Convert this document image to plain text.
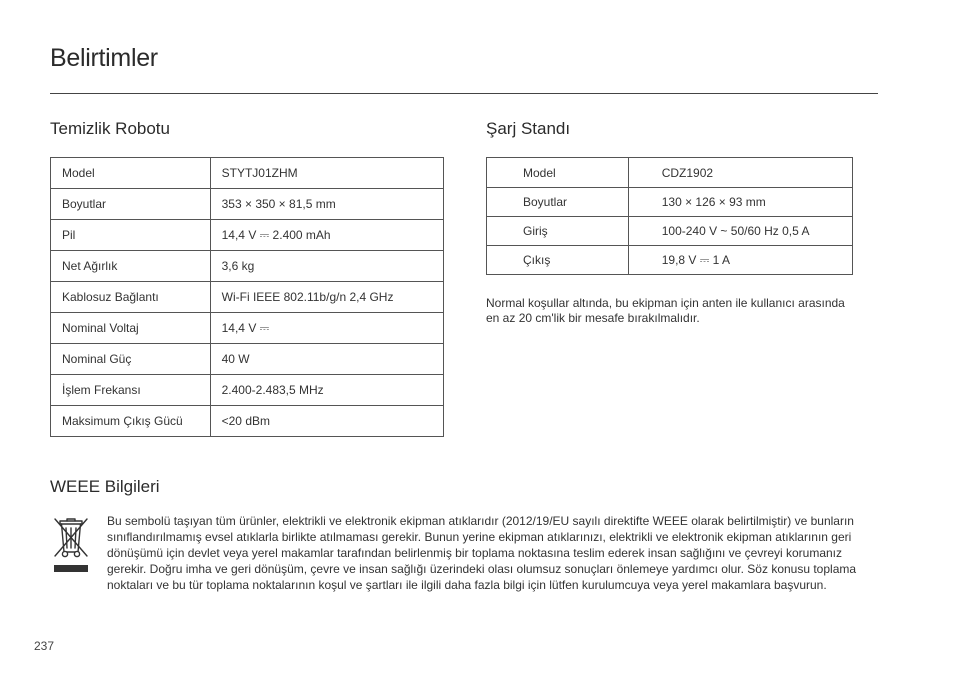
Belirtimler
Temizlik Robotu
Model	STYTJ01ZHM
Boyutlar	353 × 350 × 81,5 mm
Pil	14,4 V ⎓ 2.400 mAh
Net Ağırlık	3,6 kg
Kablosuz Bağlantı	Wi-Fi IEEE 802.11b/g/n 2,4 GHz
Nominal Voltaj	14,4 V ⎓
Nominal Güç	40 W
İşlem Frekansı	2.400-2.483,5 MHz
Maksimum Çıkış Gücü	<20 dBm
Şarj Standı
Model	CDZ1902
Boyutlar	130 × 126 × 93 mm
Giriş	100-240 V ~ 50/60 Hz 0,5 A
Çıkış	19,8 V ⎓ 1 A

Normal koşullar altında, bu ekipman için anten ile kullanıcı arasında en az 20 cm'lik bir mesafe bırakılmalıdır.

WEEE Bilgileri

Bu sembolü taşıyan tüm ürünler, elektrikli ve elektronik ekipman atıklarıdır (2012/19/EU sayılı direktifte WEEE olarak belirtilmiştir) ve bunların sınıflandırılmamış evsel atıklarla birlikte atılmaması gerekir. Bunun yerine ekipman atıklarınızı, elektrikli ve elektronik ekipman atıklarının geri dönüşümü için devlet veya yerel makamlar tarafından belirlenmiş bir toplama noktasına teslim ederek insan sağlığını ve çevreyi korumanız gerekir. Doğru imha ve geri dönüşüm, çevre ve insan sağlığı üzerindeki olası olumsuz sonuçları önlemeye yardımcı olur. Söz konusu toplama noktaları ve bu tür toplama noktalarının koşul ve şartları ile ilgili daha fazla bilgi için lütfen kurulumcuya veya yerel makamlara başvurun.

237
